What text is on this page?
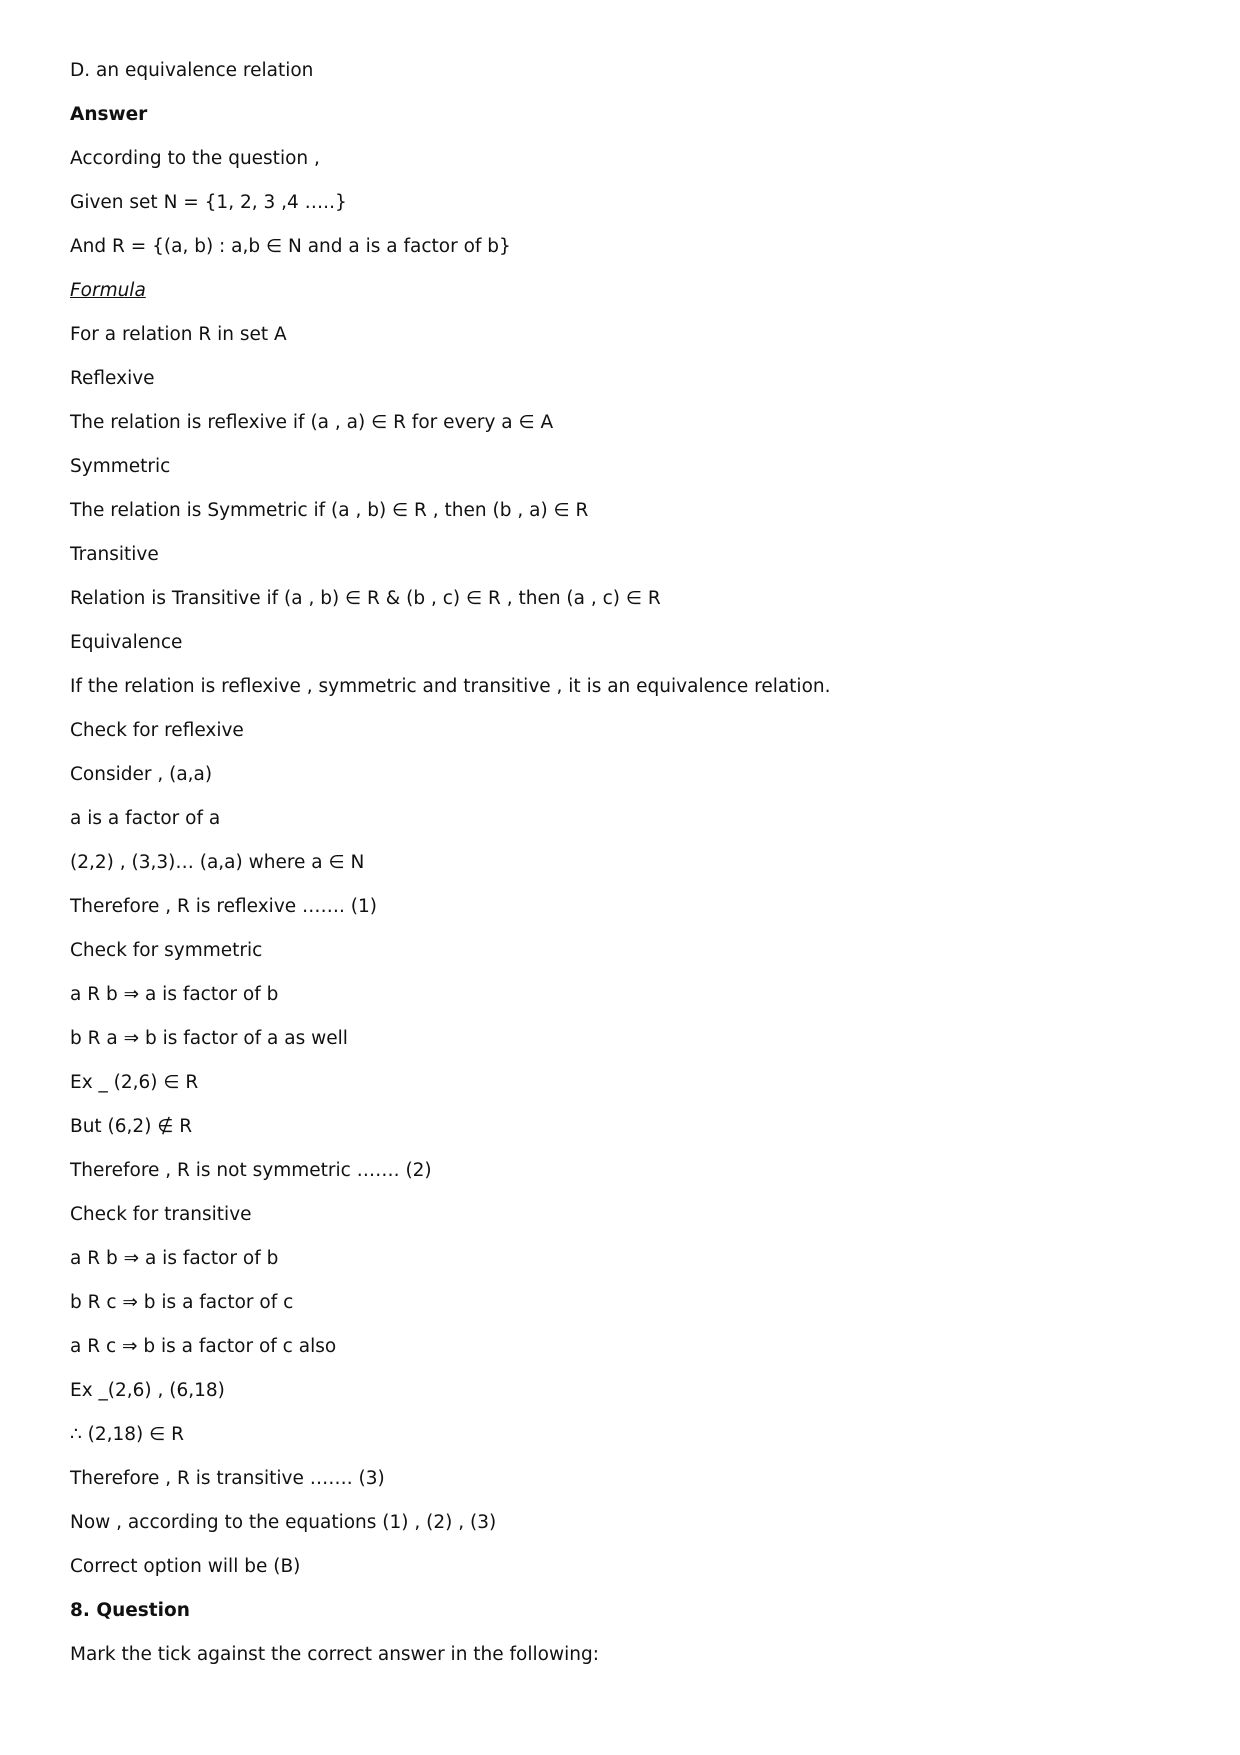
D. an equivalence relation
Answer
According to the question ,
Given set N = {1, 2, 3 ,4 …..}
And R = {(a, b) : a,b ∈ N and a is a factor of b}
Formula
For a relation R in set A
Reflexive
The relation is reflexive if (a , a) ∈ R for every a ∈ A
Symmetric
The relation is Symmetric if (a , b) ∈ R , then (b , a) ∈ R
Transitive
Relation is Transitive if (a , b) ∈ R & (b , c) ∈ R , then (a , c) ∈ R
Equivalence
If the relation is reflexive , symmetric and transitive , it is an equivalence relation.
Check for reflexive
Consider , (a,a)
a is a factor of a
(2,2) , (3,3)… (a,a) where a ∈ N
Therefore , R is reflexive ……. (1)
Check for symmetric
a R b ⇒ a is factor of b
b R a ⇒ b is factor of a as well
Ex _ (2,6) ∈ R
But (6,2) ∉ R
Therefore , R is not symmetric ……. (2)
Check for transitive
a R b ⇒ a is factor of b
b R c ⇒ b is a factor of c
a R c ⇒ b is a factor of c also
Ex _(2,6) , (6,18)
∴ (2,18) ∈ R
Therefore , R is transitive ……. (3)
Now , according to the equations (1) , (2) , (3)
Correct option will be (B)
8. Question
Mark the tick against the correct answer in the following:
